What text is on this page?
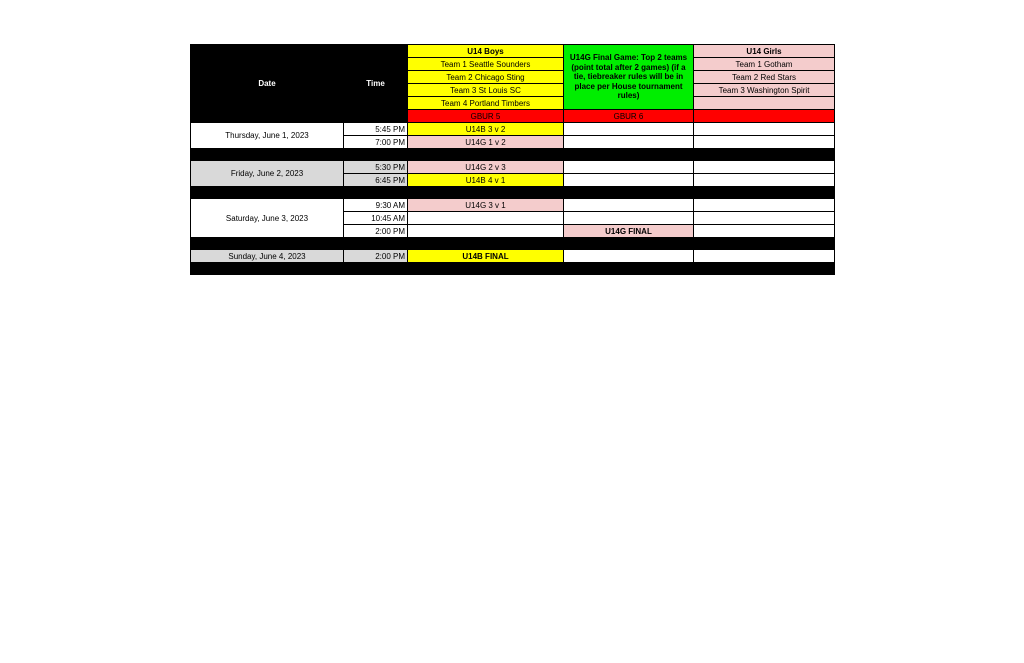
Date	Time	U14 Boys	U14G Final Game: Top 2 teams (point total after 2 games) (if a tie, tiebreaker rules will be in place per House tournament rules)	U14 Girls
		Team 1 Seattle Sounders		Team 1 Gotham
		Team 2 Chicago Sting		Team 2 Red Stars
		Team 3 St Louis SC		Team 3 Washington Spirit
		Team 4 Portland Timbers		
		GBUR 5	GBUR 6	
Thursday, June 1, 2023	5:45 PM	U14B 3 v 2		
	7:00 PM	U14G 1 v 2		

Friday, June 2, 2023	5:30 PM	U14G 2 v 3		
	6:45 PM	U14B 4 v 1		

Saturday, June 3, 2023	9:30 AM	U14G 3 v 1		
	10:45 AM			
	2:00 PM		U14G FINAL	

Sunday, June 4, 2023	2:00 PM	U14B FINAL		
